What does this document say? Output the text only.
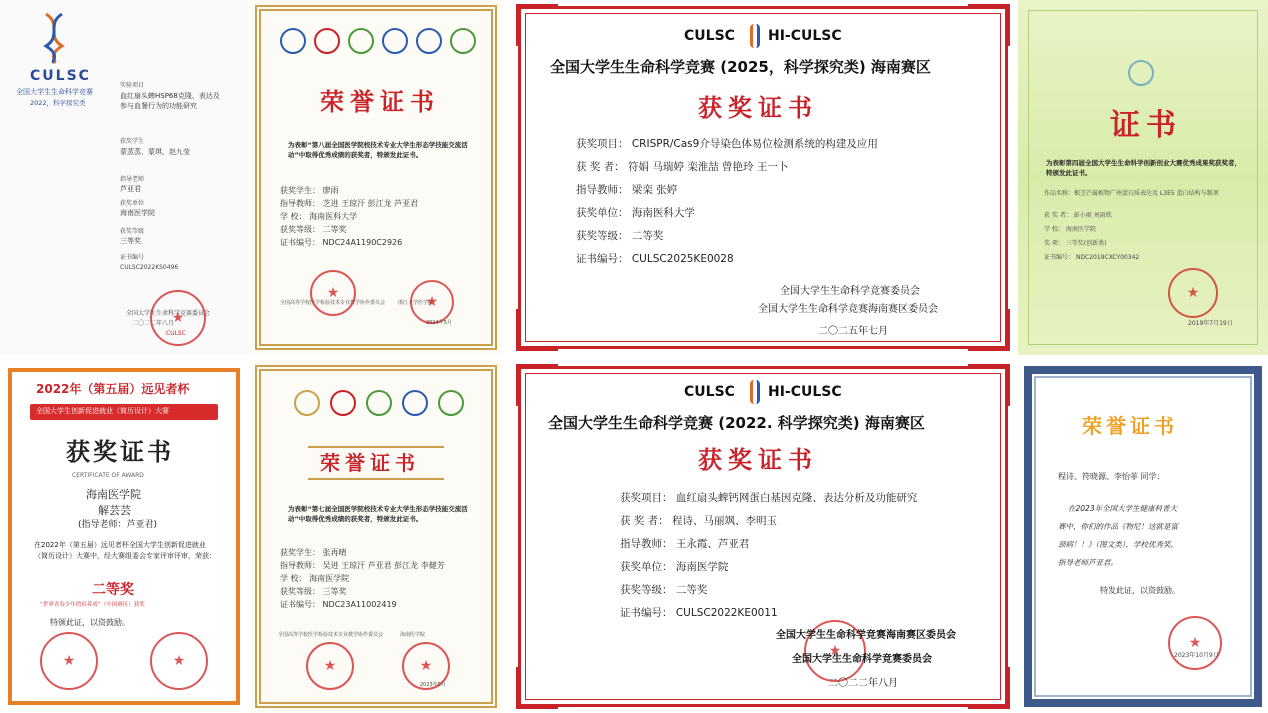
CULSC
全国大学生生命科学竞赛
2022，科学探究类
实验项目
血红扇头蜱HSP68克隆、表达及
参与血餐行为的功能研究
获奖学生
蒙蒸蒸、蒙琪、赵九莹
指导老师
芦亚君
获奖单位
海南医学院
获奖等级
三等奖
证书编号
CULSC2022KS0496
★
CULSC
全国大学生生命科学竞赛委员会
二〇二二年八月
荣誉证书
为表彰“第八届全国医学院校技术专业大学生形态学技能交流活动”中取得优秀成绩的获奖者，特颁发此证书。
获奖学生： 廖雨
指导教师： 芝进 王琼汗 彭江龙 芦亚君
学 校： 海南医科大学
获奖等级： 二等奖
证书编号： NDC24A1190C2926
全国高等学校医学检验技术专业教学协作委员会	浙江大学医学院
★
★
2024年5月
CULSC HI-CULSC
全国大学生生命科学竞赛 (2025，科学探究类) 海南赛区
获奖证书
获奖项目： CRISPR/Cas9介导染色体易位检测系统的构建及应用
获 奖 者： 符娟 马瑞婷 栾淮喆 曾艳玲 王一卜
指导教师： 梁栾 张婷
获奖单位： 海南医科大学
获奖等级： 二等奖
证书编号： CULSC2025KE0028
全国大学生生命科学竞赛委员会
全国大学生生命科学竞赛海南赛区委员会
二〇二五年七月
证书
为表彰第四届全国大学生生命科学创新创业大赛优秀成果奖获奖者，特颁发此证书。
作品名称：根茎芒属植物广州蛋白质表达及 L3E5 蛋白结构与制剂
获 奖 者： 彭小雨 刘雨欣
学 校： 海南医学院
奖 项： 三等奖(创新类)
证书编号： NDC2019CXCY00342
★
2019年7月19日
2022年（第五届）远见者杯
全国大学生创新促进就业（简历设计）大赛
获奖证书
CERTIFICATE OF AWARD
海南医学院
解芸芸
(指导老师：芦亚君)
在2022年（第五届）远见者杯全国大学生创新促进就业（简历设计）大赛中，经大赛组委会专家评审评审，荣获：
二等奖
“世界青春少年的培养成”（中国赛区）获奖
特颁此证，以资鼓励。
★
★
荣誉证书
为表彰“第七届全国医学院校技术专业大学生形态学技能交流活动”中取得优秀成绩的获奖者，特颁发此证书。
获奖学生： 张再晴
指导教师： 吴进 王琼汗 芦亚君 彭江龙 李健芳
学 校： 海南医学院
获奖等级： 三等奖
证书编号： NDC23A11002419
全国高等学校医学检验技术专业教学协作委员会	海南医学院
★
★
2023年5月
CULSC HI-CULSC
全国大学生生命科学竞赛 (2022. 科学探究类) 海南赛区
获奖证书
获奖项目： 血红扇头蜱钙网蛋白基因克隆、表达分析及功能研究
获 奖 者： 程诗、马丽飒、李明玉
指导教师： 王永霞、芦亚君
获奖单位： 海南医学院
获奖等级： 二等奖
证书编号： CULSC2022KE0011
★
全国大学生生命科学竞赛海南赛区委员会
全国大学生生命科学竞赛委员会
二〇二二年八月
荣誉证书
程诗、符晓源、李怡菲 同学：
在2023年全国大学生健康科普大
赛中，你们的作品《物尼！这就是富
颈病！！》（图文类），学校优秀奖，
指导老师芦亚君。
特发此证，以资鼓励。
★
2023年10月9日
